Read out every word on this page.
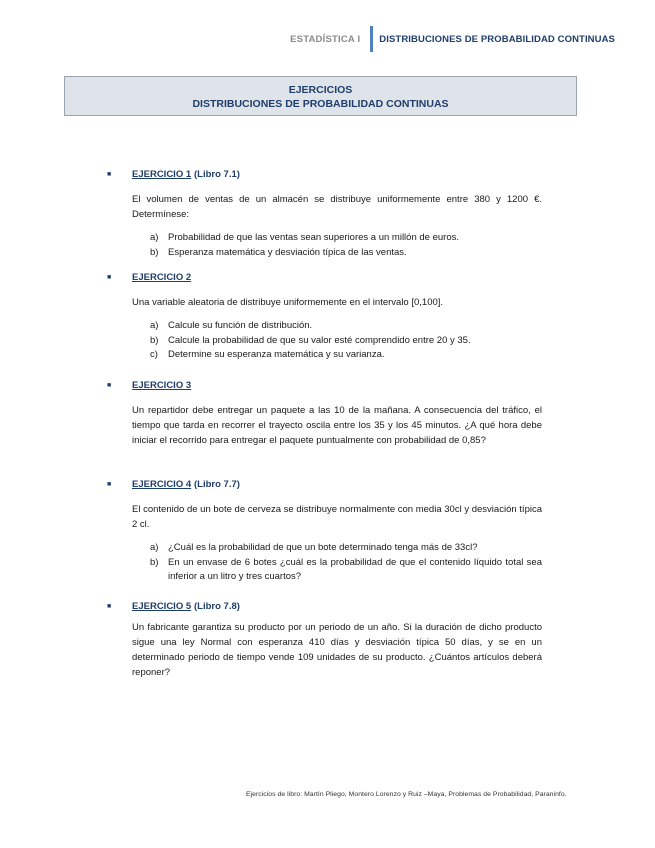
ESTADÍSTICA I	DISTRIBUCIONES DE PROBABILIDAD CONTINUAS
EJERCICIOS
DISTRIBUCIONES DE PROBABILIDAD CONTINUAS
■ EJERCICIO 1 (Libro 7.1)
El volumen de ventas de un almacén se distribuye uniformemente entre 380 y 1200 €. Determínese:
a) Probabilidad de que las ventas sean superiores a un millón de euros.
b) Esperanza matemática y desviación típica de las ventas.
■ EJERCICIO 2
Una variable aleatoria de distribuye uniformemente en el intervalo [0,100].
a) Calcule su función de distribución.
b) Calcule la probabilidad de que su valor esté comprendido entre 20 y 35.
c) Determine su esperanza matemática y su varianza.
■ EJERCICIO 3
Un repartidor debe entregar un paquete a las 10 de la mañana. A consecuencia del tráfico, el tiempo que tarda en recorrer el trayecto oscila entre los 35 y los 45 minutos. ¿A qué hora debe iniciar el recorrido para entregar el paquete puntualmente con probabilidad de 0,85?
■ EJERCICIO 4 (Libro 7.7)
El contenido de un bote de cerveza se distribuye normalmente con media 30cl y desviación típica 2 cl.
a) ¿Cuál es la probabilidad de que un bote determinado tenga más de 33cl?
b) En un envase de 6 botes ¿cuál es la probabilidad de que el contenido líquido total sea inferior a un litro y tres cuartos?
■ EJERCICIO 5 (Libro 7.8)
Un fabricante garantiza su producto por un periodo de un año. Si la duración de dicho producto sigue una ley Normal con esperanza 410 días y desviación típica 50 días, y se en un determinado periodo de tiempo vende 109 unidades de su producto. ¿Cuántos artículos deberá reponer?
Ejercicios de libro: Martín Pliego, Montero Lorenzo y Ruiz –Maya, Problemas de Probabilidad, Paraninfo.
